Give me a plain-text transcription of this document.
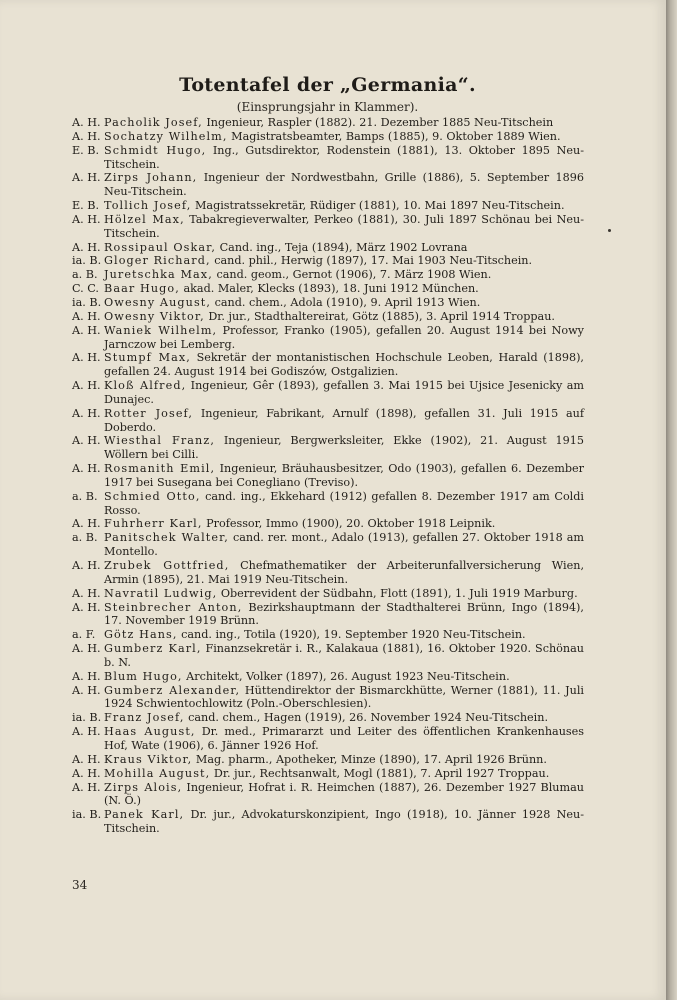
Totentafel der „Germania“.
(Einsprungsjahr in Klammer).
A. H. Pacholik Josef, Ingenieur, Raspler (1882). 21. Dezember 1885 Neu-Titschein
A. H. Sochatzy Wilhelm, Magistratsbeamter, Bamps (1885), 9. Oktober 1889 Wien.
E. B. Schmidt Hugo, Ing., Gutsdirektor, Rodenstein (1881), 13. Oktober 1895 Neu-Titschein.
A. H. Zirps Johann, Ingenieur der Nordwestbahn, Grille (1886), 5. September 1896 Neu-Titschein.
E. B. Tollich Josef, Magistratssekretär, Rüdiger (1881), 10. Mai 1897 Neu-Titschein.
A. H. Hölzel Max, Tabakregieverwalter, Perkeo (1881), 30. Juli 1897 Schönau bei Neu-Titschein.
A. H. Rossipaul Oskar, Cand. ing., Teja (1894), März 1902 Lovrana
ia. B. Gloger Richard, cand. phil., Herwig (1897), 17. Mai 1903 Neu-Titschein.
a. B. Juretschka Max, cand. geom., Gernot (1906), 7. März 1908 Wien.
C. C. Baar Hugo, akad. Maler, Klecks (1893), 18. Juni 1912 München.
ia. B. Owesny August, cand. chem., Adola (1910), 9. April 1913 Wien.
A. H. Owesny Viktor, Dr. jur., Stadthaltereirat, Götz (1885), 3. April 1914 Troppau.
A. H. Waniek Wilhelm, Professor, Franko (1905), gefallen 20. August 1914 bei Nowy Jarnczow bei Lemberg.
A. H. Stumpf Max, Sekretär der montanistischen Hochschule Leoben, Harald (1898), gefallen 24. August 1914 bei Godiszów, Ostgalizien.
A. H. Kloß Alfred, Ingenieur, Gêr (1893), gefallen 3. Mai 1915 bei Ujsice Jesenicky am Dunajec.
A. H. Rotter Josef, Ingenieur, Fabrikant, Arnulf (1898), gefallen 31. Juli 1915 auf Doberdo.
A. H. Wiesthal Franz, Ingenieur, Bergwerksleiter, Ekke (1902), 21. August 1915 Wöllern bei Cilli.
A. H. Rosmanith Emil, Ingenieur, Bräuhausbesitzer, Odo (1903), gefallen 6. Dezember 1917 bei Susegana bei Conegliano (Treviso).
a. B. Schmied Otto, cand. ing., Ekkehard (1912) gefallen 8. Dezember 1917 am Coldi Rosso.
A. H. Fuhrherr Karl, Professor, Immo (1900), 20. Oktober 1918 Leipnik.
a. B. Panitschek Walter, cand. rer. mont., Adalo (1913), gefallen 27. Oktober 1918 am Montello.
A. H. Zrubek Gottfried, Chefmathematiker der Arbeiterunfallversicherung Wien, Armin (1895), 21. Mai 1919 Neu-Titschein.
A. H. Navratil Ludwig, Oberrevident der Südbahn, Flott (1891), 1. Juli 1919 Marburg.
A. H. Steinbrecher Anton, Bezirkshauptmann der Stadthalterei Brünn, Ingo (1894), 17. November 1919 Brünn.
a. F. Götz Hans, cand. ing., Totila (1920), 19. September 1920 Neu-Titschein.
A. H. Gumberz Karl, Finanzsekretär i. R., Kalakaua (1881), 16. Oktober 1920. Schönau b. N.
A. H. Blum Hugo, Architekt, Volker (1897), 26. August 1923 Neu-Titschein.
A. H. Gumberz Alexander, Hüttendirektor der Bismarckhütte, Werner (1881), 11. Juli 1924 Schwientochlowitz (Poln.-Oberschlesien).
ia. B. Franz Josef, cand. chem., Hagen (1919), 26. November 1924 Neu-Titschein.
A. H. Haas August, Dr. med., Primararzt und Leiter des öffentlichen Krankenhauses Hof, Wate (1906), 6. Jänner 1926 Hof.
A. H. Kraus Viktor, Mag. pharm., Apotheker, Minze (1890), 17. April 1926 Brünn.
A. H. Mohilla August, Dr. jur., Rechtsanwalt, Mogl (1881), 7. April 1927 Troppau.
A. H. Zirps Alois, Ingenieur, Hofrat i. R. Heimchen (1887), 26. Dezember 1927 Blumau (N. Ö.)
ia. B. Panek Karl, Dr. jur., Advokaturskonzipient, Ingo (1918), 10. Jänner 1928 Neu-Titschein.
34
